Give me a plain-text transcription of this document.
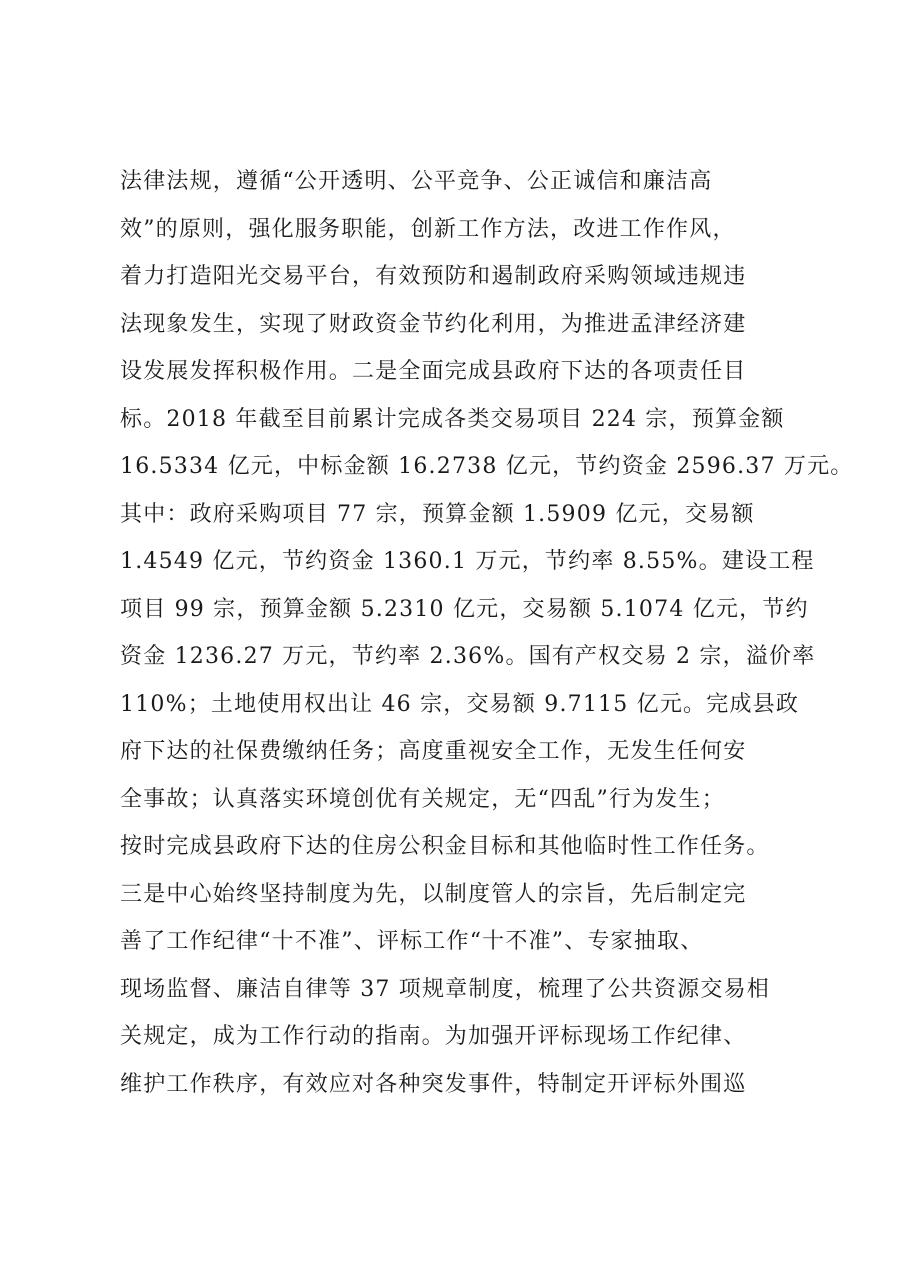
法律法规，遵循“公开透明、公平竞争、公正诚信和廉洁高
效”的原则，强化服务职能，创新工作方法，改进工作作风，
着力打造阳光交易平台，有效预防和遏制政府采购领域违规违
法现象发生，实现了财政资金节约化利用，为推进孟津经济建
设发展发挥积极作用。二是全面完成县政府下达的各项责任目
标。2018 年截至目前累计完成各类交易项目 224 宗，预算金额
16.5334 亿元，中标金额 16.2738 亿元，节约资金 2596.37 万元。
其中：政府采购项目 77 宗，预算金额 1.5909 亿元，交易额
1.4549 亿元，节约资金 1360.1 万元，节约率 8.55%。建设工程
项目 99 宗，预算金额 5.2310 亿元，交易额 5.1074 亿元，节约
资金 1236.27 万元，节约率 2.36%。国有产权交易 2 宗，溢价率
110%；土地使用权出让 46 宗，交易额 9.7115 亿元。完成县政
府下达的社保费缴纳任务；高度重视安全工作，无发生任何安
全事故；认真落实环境创优有关规定，无“四乱”行为发生；
按时完成县政府下达的住房公积金目标和其他临时性工作任务。
三是中心始终坚持制度为先，以制度管人的宗旨，先后制定完
善了工作纪律“十不准”、评标工作“十不准”、专家抽取、
现场监督、廉洁自律等 37 项规章制度，梳理了公共资源交易相
关规定，成为工作行动的指南。为加强开评标现场工作纪律、
维护工作秩序，有效应对各种突发事件，特制定开评标外围巡
